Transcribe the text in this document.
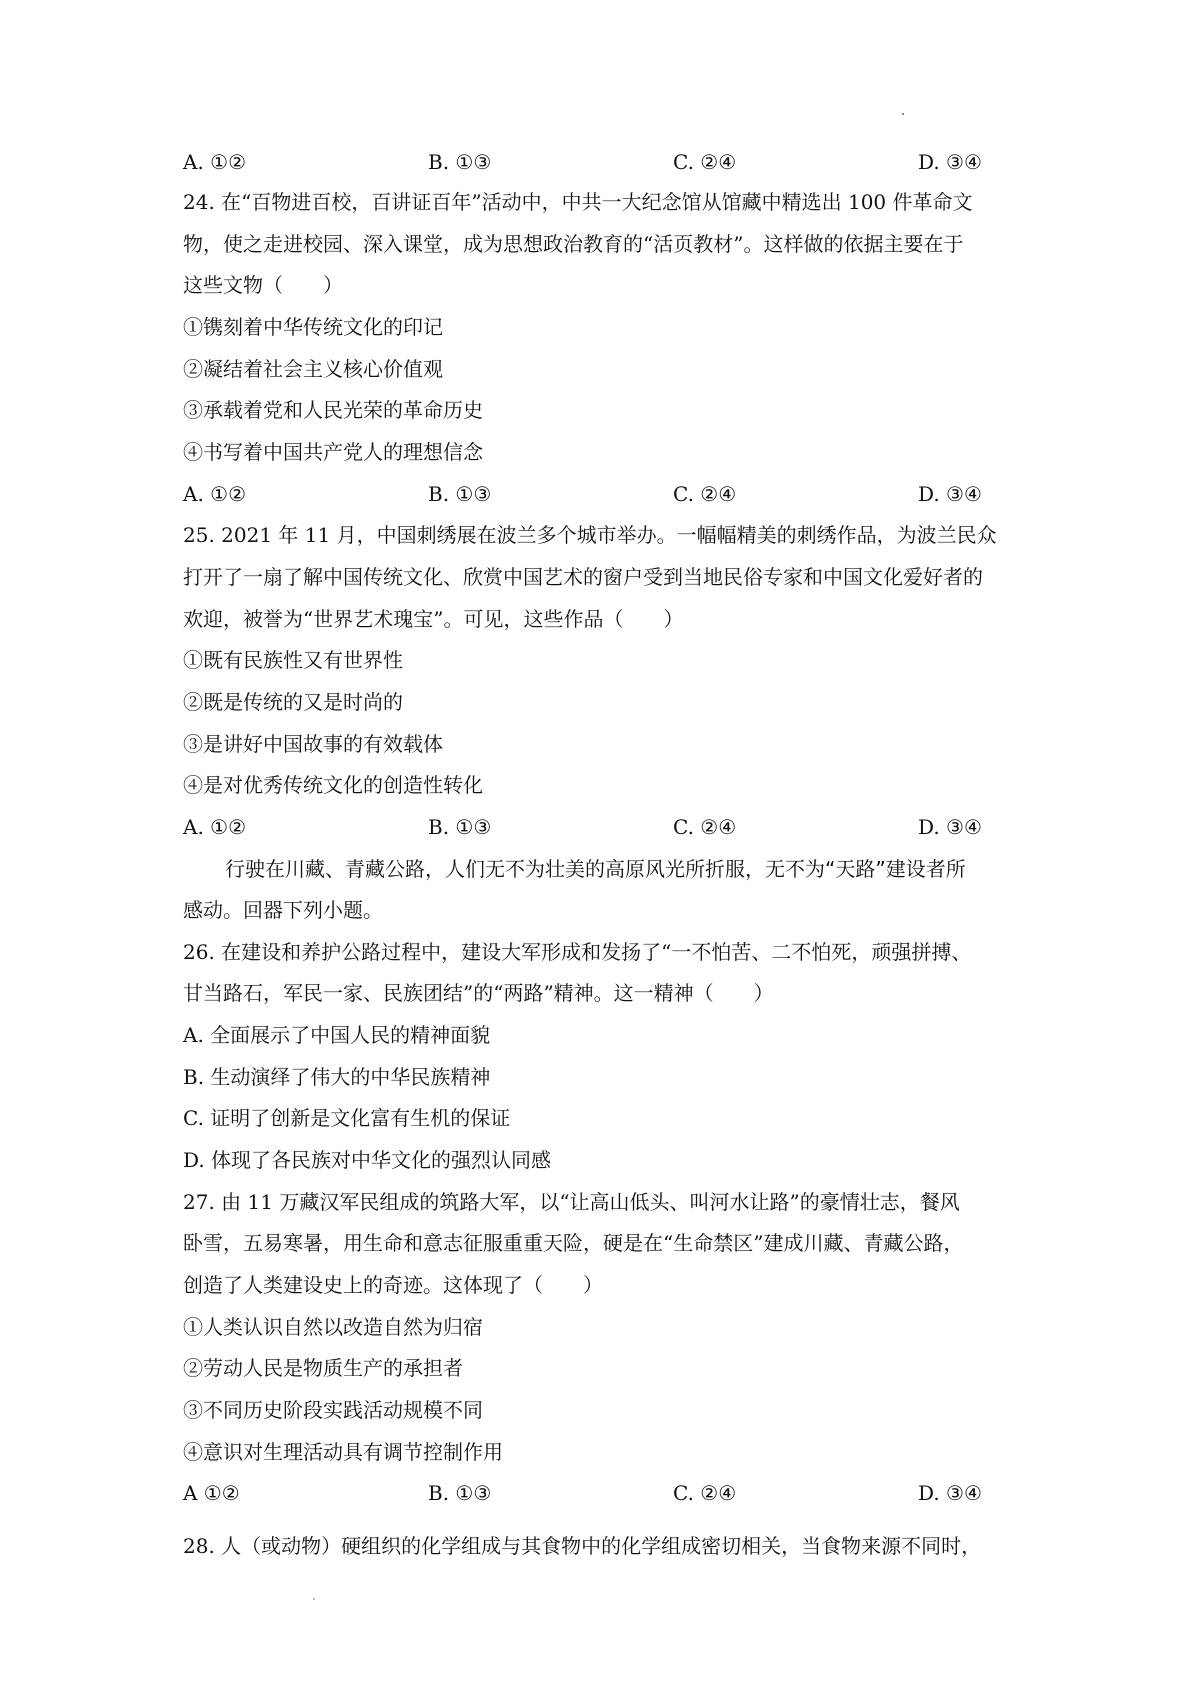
A. ①②	B. ①③	C. ②④	D. ③④
24. 在“百物进百校，百讲证百年”活动中，中共一大纪念馆从馆藏中精选出 100 件革命文
物，使之走进校园、深入课堂，成为思想政治教育的“活页教材”。这样做的依据主要在于
这些文物（　　）
①镌刻着中华传统文化的印记
②凝结着社会主义核心价值观
③承载着党和人民光荣的革命历史
④书写着中国共产党人的理想信念
A. ①②	B. ①③	C. ②④	D. ③④
25. 2021 年 11 月，中国刺绣展在波兰多个城市举办。一幅幅精美的刺绣作品，为波兰民众
打开了一扇了解中国传统文化、欣赏中国艺术的窗户受到当地民俗专家和中国文化爱好者的
欢迎，被誉为“世界艺术瑰宝”。可见，这些作品（　　）
①既有民族性又有世界性
②既是传统的又是时尚的
③是讲好中国故事的有效载体
④是对优秀传统文化的创造性转化
A. ①②	B. ①③	C. ②④	D. ③④
行驶在川藏、青藏公路，人们无不为壮美的高原风光所折服，无不为“天路”建设者所
感动。回器下列小题。
26. 在建设和养护公路过程中，建设大军形成和发扬了“一不怕苦、二不怕死，顽强拼搏、
甘当路石，军民一家、民族团结”的“两路”精神。这一精神（　　）
A. 全面展示了中国人民的精神面貌
B. 生动演绎了伟大的中华民族精神
C. 证明了创新是文化富有生机的保证
D. 体现了各民族对中华文化的强烈认同感
27. 由 11 万藏汉军民组成的筑路大军，以“让高山低头、叫河水让路”的豪情壮志，餐风
卧雪，五易寒暑，用生命和意志征服重重天险，硬是在“生命禁区”建成川藏、青藏公路，
创造了人类建设史上的奇迹。这体现了（　　）
①人类认识自然以改造自然为归宿
②劳动人民是物质生产的承担者
③不同历史阶段实践活动规模不同
④意识对生理活动具有调节控制作用
A ①②	B. ①③	C. ②④	D. ③④
28. 人（或动物）硬组织的化学组成与其食物中的化学组成密切相关，当食物来源不同时，
